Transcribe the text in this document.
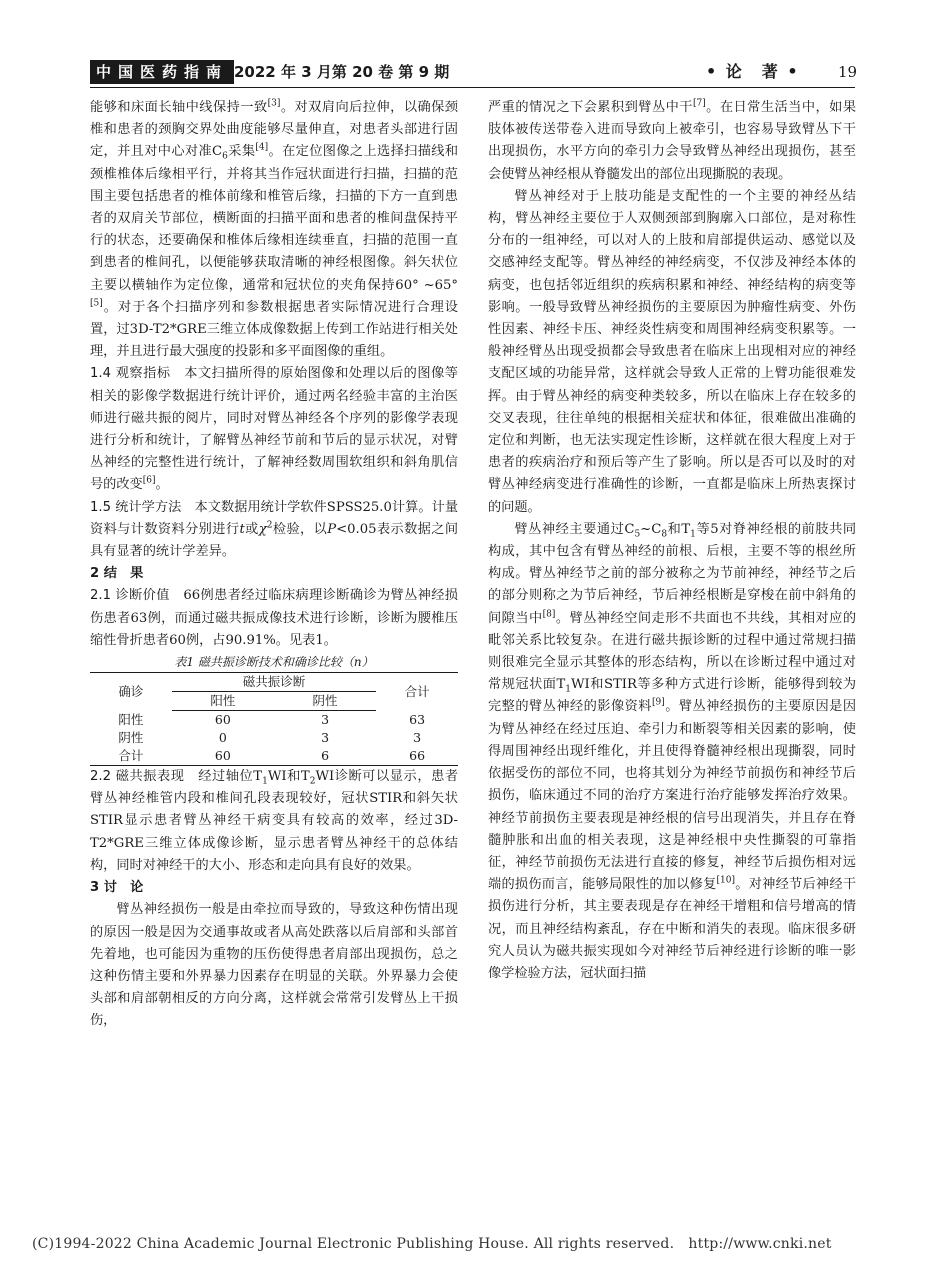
中国医药指南 2022 年 3 月第 20 卷 第 9 期	• 论　著 •	19

能够和床面长轴中线保持一致[3]。对双肩向后拉伸，以确保颈椎和患者的颈胸交界处曲度能够尽量伸直，对患者头部进行固定，并且对中心对准$C_6$采集[4]。在定位图像之上选择扫描线和颈椎椎体后缘相平行，并将其当作冠状面进行扫描，扫描的范围主要包括患者的椎体前缘和椎管后缘，扫描的下方一直到患者的双肩关节部位，横断面的扫描平面和患者的椎间盘保持平行的状态，还要确保和椎体后缘相连续垂直，扫描的范围一直到患者的椎间孔，以便能够获取清晰的神经根图像。斜矢状位主要以横轴作为定位像，通常和冠状位的夹角保持60° ~65°[5]。对于各个扫描序列和参数根据患者实际情况进行合理设置，过3D-T2*GRE三维立体成像数据上传到工作站进行相关处理，并且进行最大强度的投影和多平面图像的重组。

1.4 观察指标　本文扫描所得的原始图像和处理以后的图像等相关的影像学数据进行统计评价，通过两名经验丰富的主治医师进行磁共振的阅片，同时对臂丛神经各个序列的影像学表现进行分析和统计，了解臂丛神经节前和节后的显示状况，对臂丛神经的完整性进行统计，了解神经数周围软组织和斜角肌信号的改变[6]。

1.5 统计学方法　本文数据用统计学软件SPSS25.0计算。计量资料与计数资料分别进行t或$\chi^2$检验，以P<0.05表示数据之间具有显著的统计学差异。

2 结　果

2.1 诊断价值　66例患者经过临床病理诊断确诊为臂丛神经损伤患者63例，而通过磁共振成像技术进行诊断，诊断为腰椎压缩性骨折患者60例，占90.91%。见表1。

表1 磁共振诊断技术和确诊比较（n）

确诊	磁共振诊断		合计
	阳性	阴性	
阳性	60	3	63
阴性	0	3	3
合计	60	6	66

2.2 磁共振表现　经过轴位$T_1WI$和$T_2WI$诊断可以显示，患者臂丛神经椎管内段和椎间孔段表现较好，冠状STIR和斜矢状STIR显示患者臂丛神经干病变具有较高的效率，经过3D-T2*GRE三维立体成像诊断，显示患者臂丛神经干的总体结构，同时对神经干的大小、形态和走向具有良好的效果。

3 讨　论

臂丛神经损伤一般是由牵拉而导致的，导致这种伤情出现的原因一般是因为交通事故或者从高处跌落以后肩部和头部首先着地，也可能因为重物的压伤使得患者肩部出现损伤，总之这种伤情主要和外界暴力因素存在明显的关联。外界暴力会使头部和肩部朝相反的方向分离，这样就会常常引发臂丛上干损伤，

严重的情况之下会累积到臂丛中干[7]。在日常生活当中，如果肢体被传送带卷入进而导致向上被牵引，也容易导致臂丛下干出现损伤，水平方向的牵引力会导致臂丛神经出现损伤，甚至会使臂丛神经根从脊髓发出的部位出现撕脱的表现。

臂丛神经对于上肢功能是支配性的一个主要的神经丛结构，臂丛神经主要位于人双侧颈部到胸廓入口部位，是对称性分布的一组神经，可以对人的上肢和肩部提供运动、感觉以及交感神经支配等。臂丛神经的神经病变，不仅涉及神经本体的病变，也包括邻近组织的疾病积累和神经、神经结构的病变等影响。一般导致臂丛神经损伤的主要原因为肿瘤性病变、外伤性因素、神经卡压、神经炎性病变和周围神经病变积累等。一般神经臂丛出现受损都会导致患者在临床上出现相对应的神经支配区域的功能异常，这样就会导致人正常的上臂功能很难发挥。由于臂丛神经的病变种类较多，所以在临床上存在较多的交叉表现，往往单纯的根据相关症状和体征，很难做出准确的定位和判断，也无法实现定性诊断，这样就在很大程度上对于患者的疾病治疗和预后等产生了影响。所以是否可以及时的对臂丛神经病变进行准确性的诊断，一直都是临床上所热衷探讨的问题。

臂丛神经主要通过$C_5\sim C_8$和$T_1$等5对脊神经根的前肢共同构成，其中包含有臂丛神经的前根、后根，主要不等的根丝所构成。臂丛神经节之前的部分被称之为节前神经，神经节之后的部分则称之为节后神经，节后神经根断是穿梭在前中斜角的间隙当中[8]。臂丛神经空间走形不共面也不共线，其相对应的毗邻关系比较复杂。在进行磁共振诊断的过程中通过常规扫描则很难完全显示其整体的形态结构，所以在诊断过程中通过对常规冠状面$T_1WI$和STIR等多种方式进行诊断，能够得到较为完整的臂丛神经的影像资料[9]。臂丛神经损伤的主要原因是因为臂丛神经在经过压迫、牵引力和断裂等相关因素的影响，使得周围神经出现纤维化，并且使得脊髓神经根出现撕裂，同时依据受伤的部位不同，也将其划分为神经节前损伤和神经节后损伤，临床通过不同的治疗方案进行治疗能够发挥治疗效果。神经节前损伤主要表现是神经根的信号出现消失，并且存在脊髓肿胀和出血的相关表现，这是神经根中央性撕裂的可靠指征，神经节前损伤无法进行直接的修复，神经节后损伤相对远端的损伤而言，能够局限性的加以修复[10]。对神经节后神经干损伤进行分析，其主要表现是存在神经干增粗和信号增高的情况，而且神经结构紊乱，存在中断和消失的表现。临床很多研究人员认为磁共振实现如今对神经节后神经进行诊断的唯一影像学检验方法，冠状面扫描

(C)1994-2022 China Academic Journal Electronic Publishing House. All rights reserved.　http://www.cnki.net
